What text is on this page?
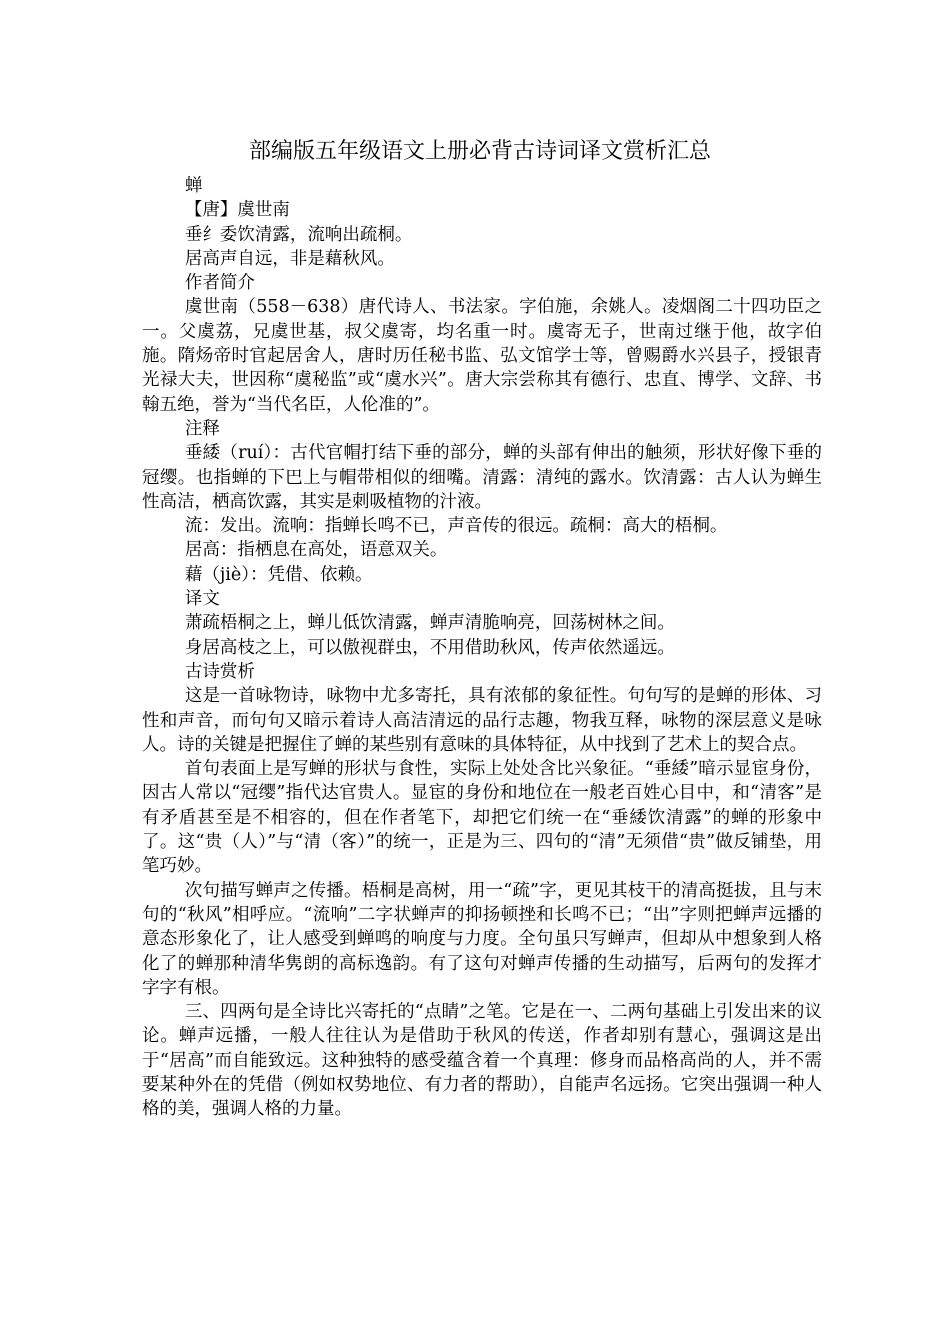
部编版五年级语文上册必背古诗词译文赏析汇总

蝉

【唐】虞世南

垂纟委饮清露，流响出疏桐。

居高声自远，非是藉秋风。

作者简介

虞世南（558－638）唐代诗人、书法家。字伯施，余姚人。凌烟阁二十四功臣之一。父虞荔，兄虞世基，叔父虞寄，均名重一时。虞寄无子，世南过继于他，故字伯施。隋炀帝时官起居舍人，唐时历任秘书监、弘文馆学士等，曾赐爵水兴县子，授银青光禄大夫，世因称“虞秘监”或“虞水兴”。唐大宗尝称其有德行、忠直、博学、文辞、书翰五绝，誉为“当代名臣，人伦准的”。

注释

垂緌（ruí）：古代官帽打结下垂的部分，蝉的头部有伸出的触须，形状好像下垂的冠缨。也指蝉的下巴上与帽带相似的细嘴。清露：清纯的露水。饮清露：古人认为蝉生性高洁，栖高饮露，其实是刺吸植物的汁液。

流：发出。流响：指蝉长鸣不已，声音传的很远。疏桐：高大的梧桐。

居高：指栖息在高处，语意双关。

藉（jiè）：凭借、依赖。

译文

萧疏梧桐之上，蝉儿低饮清露，蝉声清脆响亮，回荡树林之间。

身居高枝之上，可以傲视群虫，不用借助秋风，传声依然遥远。

古诗赏析

这是一首咏物诗，咏物中尤多寄托，具有浓郁的象征性。句句写的是蝉的形体、习性和声音，而句句又暗示着诗人高洁清远的品行志趣，物我互释，咏物的深层意义是咏人。诗的关键是把握住了蝉的某些别有意味的具体特征，从中找到了艺术上的契合点。

首句表面上是写蝉的形状与食性，实际上处处含比兴象征。“垂緌”暗示显宦身份，因古人常以“冠缨”指代达官贵人。显宦的身份和地位在一般老百姓心目中，和“清客”是有矛盾甚至是不相容的，但在作者笔下，却把它们统一在“垂緌饮清露”的蝉的形象中了。这“贵（人）”与“清（客）”的统一，正是为三、四句的“清”无须借“贵”做反铺垫，用笔巧妙。

次句描写蝉声之传播。梧桐是高树，用一“疏”字，更见其枝干的清高挺拔，且与末句的“秋风”相呼应。“流响”二字状蝉声的抑扬顿挫和长鸣不已；“出”字则把蝉声远播的意态形象化了，让人感受到蝉鸣的响度与力度。全句虽只写蝉声，但却从中想象到人格化了的蝉那种清华隽朗的高标逸韵。有了这句对蝉声传播的生动描写，后两句的发挥才字字有根。

三、四两句是全诗比兴寄托的“点睛”之笔。它是在一、二两句基础上引发出来的议论。蝉声远播，一般人往往认为是借助于秋风的传送，作者却别有慧心，强调这是出于“居高”而自能致远。这种独特的感受蕴含着一个真理：修身而品格高尚的人，并不需要某种外在的凭借（例如权势地位、有力者的帮助），自能声名远扬。它突出强调一种人格的美，强调人格的力量。
